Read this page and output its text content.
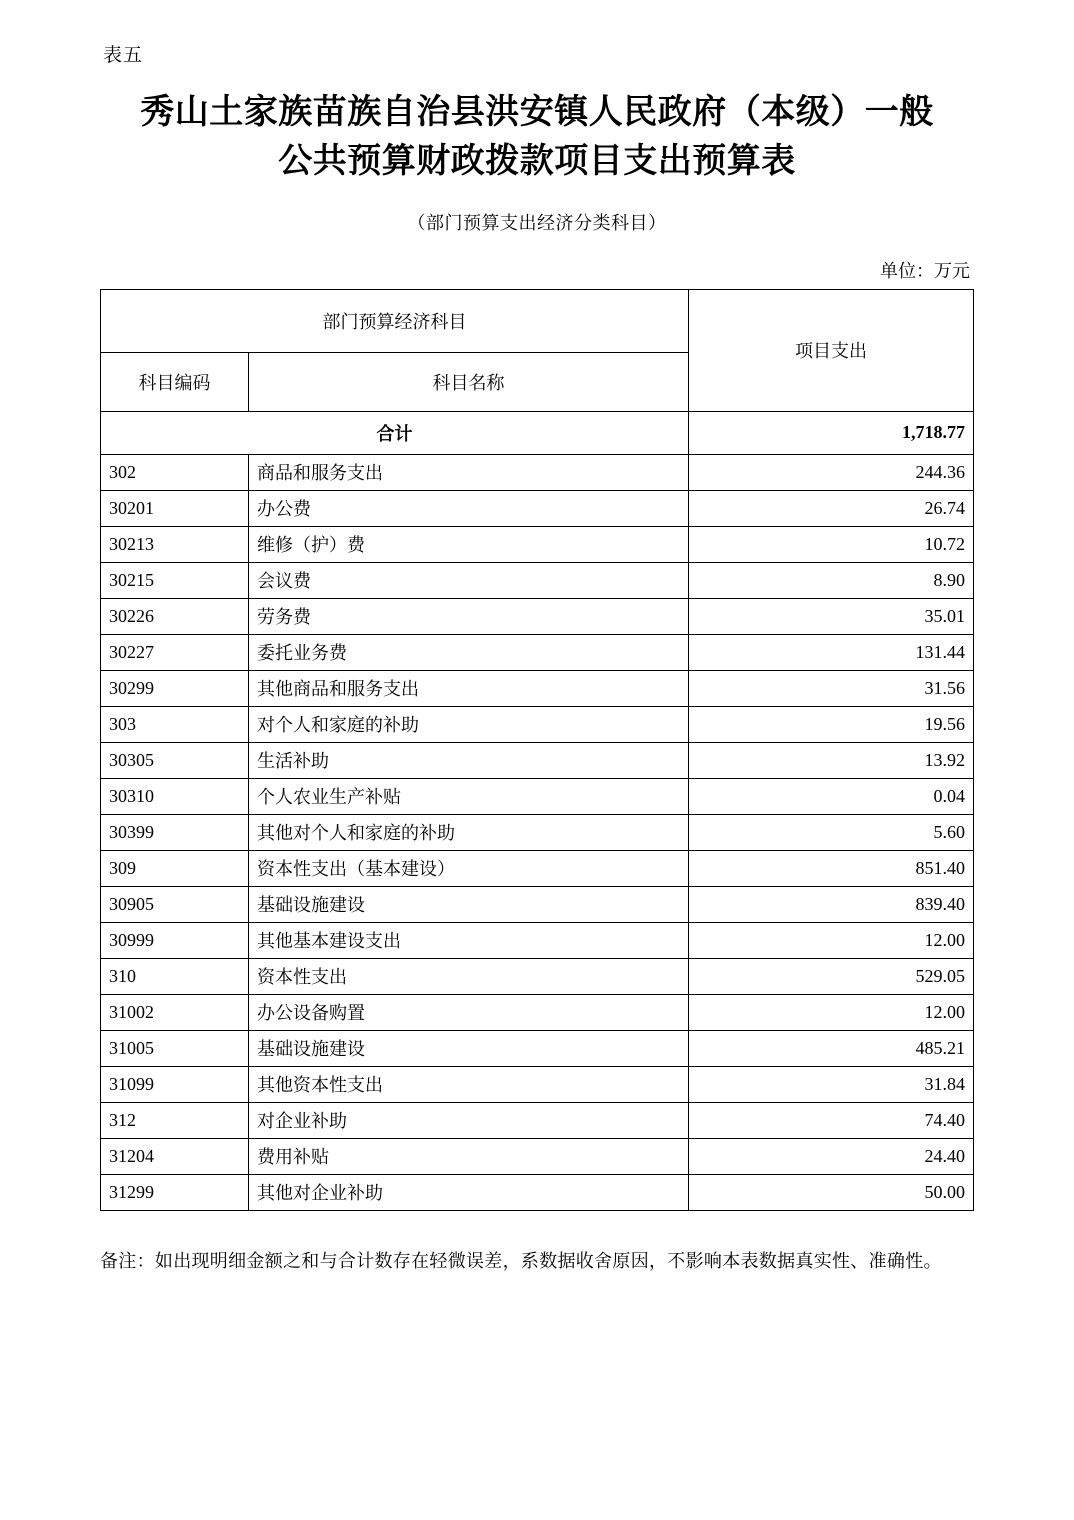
表五
秀山土家族苗族自治县洪安镇人民政府（本级）一般公共预算财政拨款项目支出预算表
（部门预算支出经济分类科目）
单位：万元
部门预算经济科目		项目支出
科目编码	科目名称	
合计		1,718.77
302	商品和服务支出	244.36
30201	办公费	26.74
30213	维修（护）费	10.72
30215	会议费	8.90
30226	劳务费	35.01
30227	委托业务费	131.44
30299	其他商品和服务支出	31.56
303	对个人和家庭的补助	19.56
30305	生活补助	13.92
30310	个人农业生产补贴	0.04
30399	其他对个人和家庭的补助	5.60
309	资本性支出（基本建设）	851.40
30905	基础设施建设	839.40
30999	其他基本建设支出	12.00
310	资本性支出	529.05
31002	办公设备购置	12.00
31005	基础设施建设	485.21
31099	其他资本性支出	31.84
312	对企业补助	74.40
31204	费用补贴	24.40
31299	其他对企业补助	50.00
备注：如出现明细金额之和与合计数存在轻微误差，系数据收舍原因，不影响本表数据真实性、准确性。
